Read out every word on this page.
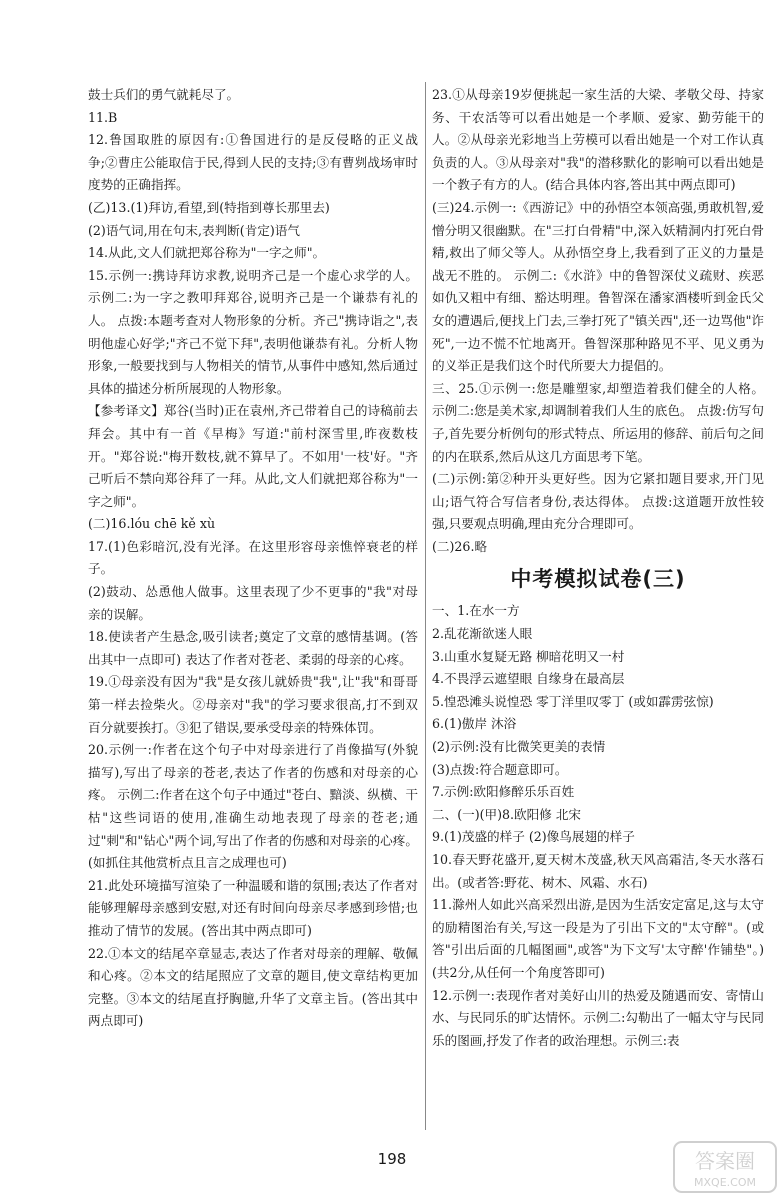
鼓士兵们的勇气就耗尽了。

11.B

12.鲁国取胜的原因有:①鲁国进行的是反侵略的正义战争;②曹庄公能取信于民,得到人民的支持;③有曹刿战场审时度势的正确指挥。

(乙)13.(1)拜访,看望,到(特指到尊长那里去)

(2)语气词,用在句末,表判断(肯定)语气

14.从此,文人们就把郑谷称为"一字之师"。

15.示例一:携诗拜访求教,说明齐己是一个虚心求学的人。 示例二:为一字之教叩拜郑谷,说明齐己是一个谦恭有礼的人。 点拨:本题考查对人物形象的分析。齐己"携诗诣之",表明他虚心好学;"齐己不觉下拜",表明他谦恭有礼。分析人物形象,一般要找到与人物相关的情节,从事件中感知,然后通过具体的描述分析所展现的人物形象。

【参考译文】郑谷(当时)正在袁州,齐己带着自己的诗稿前去拜会。其中有一首《早梅》写道:"前村深雪里,昨夜数枝开。"郑谷说:"梅开数枝,就不算早了。不如用'一枝'好。"齐己听后不禁向郑谷拜了一拜。从此,文人们就把郑谷称为"一字之师"。

(二)16.lóu chē kě xù

17.(1)色彩暗沉,没有光泽。在这里形容母亲憔悴衰老的样子。

(2)鼓动、怂恿他人做事。这里表现了少不更事的"我"对母亲的误解。

18.使读者产生悬念,吸引读者;奠定了文章的感情基调。(答出其中一点即可) 表达了作者对苍老、柔弱的母亲的心疼。

19.①母亲没有因为"我"是女孩儿就娇贵"我",让"我"和哥哥第一样去捡柴火。②母亲对"我"的学习要求很高,打不到双百分就要挨打。③犯了错误,要承受母亲的特殊体罚。

20.示例一:作者在这个句子中对母亲进行了肖像描写(外貌描写),写出了母亲的苍老,表达了作者的伤感和对母亲的心疼。 示例二:作者在这个句子中通过"苍白、黯淡、纵横、干枯"这些词语的使用,准确生动地表现了母亲的苍老;通过"刺"和"钻心"两个词,写出了作者的伤感和对母亲的心疼。(如抓住其他赏析点且言之成理也可)

21.此处环境描写渲染了一种温暖和谐的氛围;表达了作者对能够理解母亲感到安慰,对还有时间向母亲尽孝感到珍惜;也推动了情节的发展。(答出其中两点即可)

22.①本文的结尾卒章显志,表达了作者对母亲的理解、敬佩和心疼。②本文的结尾照应了文章的题目,使文章结构更加完整。③本文的结尾直抒胸臆,升华了文章主旨。(答出其中两点即可)

23.①从母亲19岁便挑起一家生活的大梁、孝敬父母、持家务、干农活等可以看出她是一个孝顺、爱家、勤劳能干的人。②从母亲光彩地当上劳模可以看出她是一个对工作认真负责的人。③从母亲对"我"的潜移默化的影响可以看出她是一个教子有方的人。(结合具体内容,答出其中两点即可)

(三)24.示例一:《西游记》中的孙悟空本领高强,勇敢机智,爱憎分明又很幽默。在"三打白骨精"中,深入妖精洞内打死白骨精,救出了师父等人。从孙悟空身上,我看到了正义的力量是战无不胜的。 示例二:《水浒》中的鲁智深仗义疏财、疾恶如仇又粗中有细、豁达明理。鲁智深在潘家酒楼听到金氏父女的遭遇后,便找上门去,三拳打死了"镇关西",还一边骂他"诈死",一边不慌不忙地离开。鲁智深那种路见不平、见义勇为的义举正是我们这个时代所要大力提倡的。

三、25.①示例一:您是雕塑家,却塑造着我们健全的人格。 示例二:您是美术家,却调制着我们人生的底色。 点拨:仿写句子,首先要分析例句的形式特点、所运用的修辞、前后句之间的内在联系,然后从这几方面思考下笔。

(二)示例:第②种开头更好些。因为它紧扣题目要求,开门见山;语气符合写信者身份,表达得体。 点拨:这道题开放性较强,只要观点明确,理由充分合理即可。

(二)26.略

中考模拟试卷(三)

一、1.在水一方

2.乱花渐欲迷人眼

3.山重水复疑无路 柳暗花明又一村

4.不畏浮云遮望眼 自缘身在最高层

5.惶恐滩头说惶恐 零丁洋里叹零丁 (或如霹雳弦惊)

6.(1)傲岸 沐浴

(2)示例:没有比微笑更美的表情

(3)点拨:符合题意即可。

7.示例:欧阳修醉乐乐百姓

二、(一)(甲)8.欧阳修 北宋

9.(1)茂盛的样子 (2)像鸟展翅的样子

10.春天野花盛开,夏天树木茂盛,秋天风高霜洁,冬天水落石出。(或者答:野花、树木、风霜、水石)

11.滁州人如此兴高采烈出游,是因为生活安定富足,这与太守的励精图治有关,写这一段是为了引出下文的"太守醉"。(或答"引出后面的几幅图画",或答"为下文写'太守醉'作铺垫"。)(共2分,从任何一个角度答即可)

12.示例一:表现作者对美好山川的热爱及随遇而安、寄情山水、与民同乐的旷达情怀。示例二:勾勒出了一幅太守与民同乐的图画,抒发了作者的政治理想。示例三:表

198	答案圈
MXQE.COM
